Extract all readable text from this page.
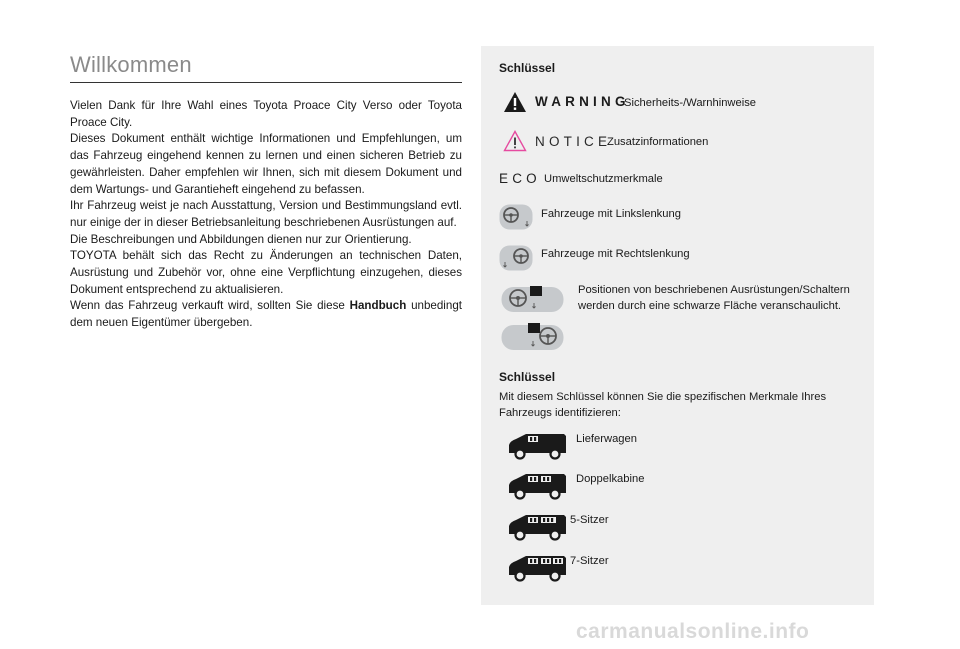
Willkommen

Vielen Dank für Ihre Wahl eines Toyota Proace City Verso oder Toyota Proace City.

Dieses Dokument enthält wichtige Informationen und Empfehlungen, um das Fahrzeug eingehend kennen zu lernen und einen sicheren Betrieb zu gewährleisten. Daher empfehlen wir Ihnen, sich mit diesem Dokument und dem Wartungs- und Garantieheft eingehend zu befassen.

Ihr Fahrzeug weist je nach Ausstattung, Version und Bestimmungsland evtl. nur einige der in dieser Betriebsanleitung beschriebenen Ausrüstungen auf.

Die Beschreibungen und Abbildungen dienen nur zur Orientierung.

TOYOTA behält sich das Recht zu Änderungen an technischen Daten, Ausrüstung und Zubehör vor, ohne eine Verpflichtung einzugehen, dieses Dokument entsprechend zu aktualisieren.

Wenn das Fahrzeug verkauft wird, sollten Sie diese Handbuch unbedingt dem neuen Eigentümer übergeben.

Schlüssel
WARNING
Sicherheits-/Warnhinweise
NOTICE
Zusatzinformationen
ECO Umweltschutzmerkmale
Fahrzeuge mit Linkslenkung
Fahrzeuge mit Rechtslenkung
Positionen von beschriebenen Ausrüstungen/Schaltern
werden durch eine schwarze Fläche veranschaulicht.
Schlüssel
Mit diesem Schlüssel können Sie die spezifischen Merkmale Ihres
Fahrzeugs identifizieren:
Lieferwagen
Doppelkabine
5-Sitzer
7-Sitzer
carmanualsonline.info
